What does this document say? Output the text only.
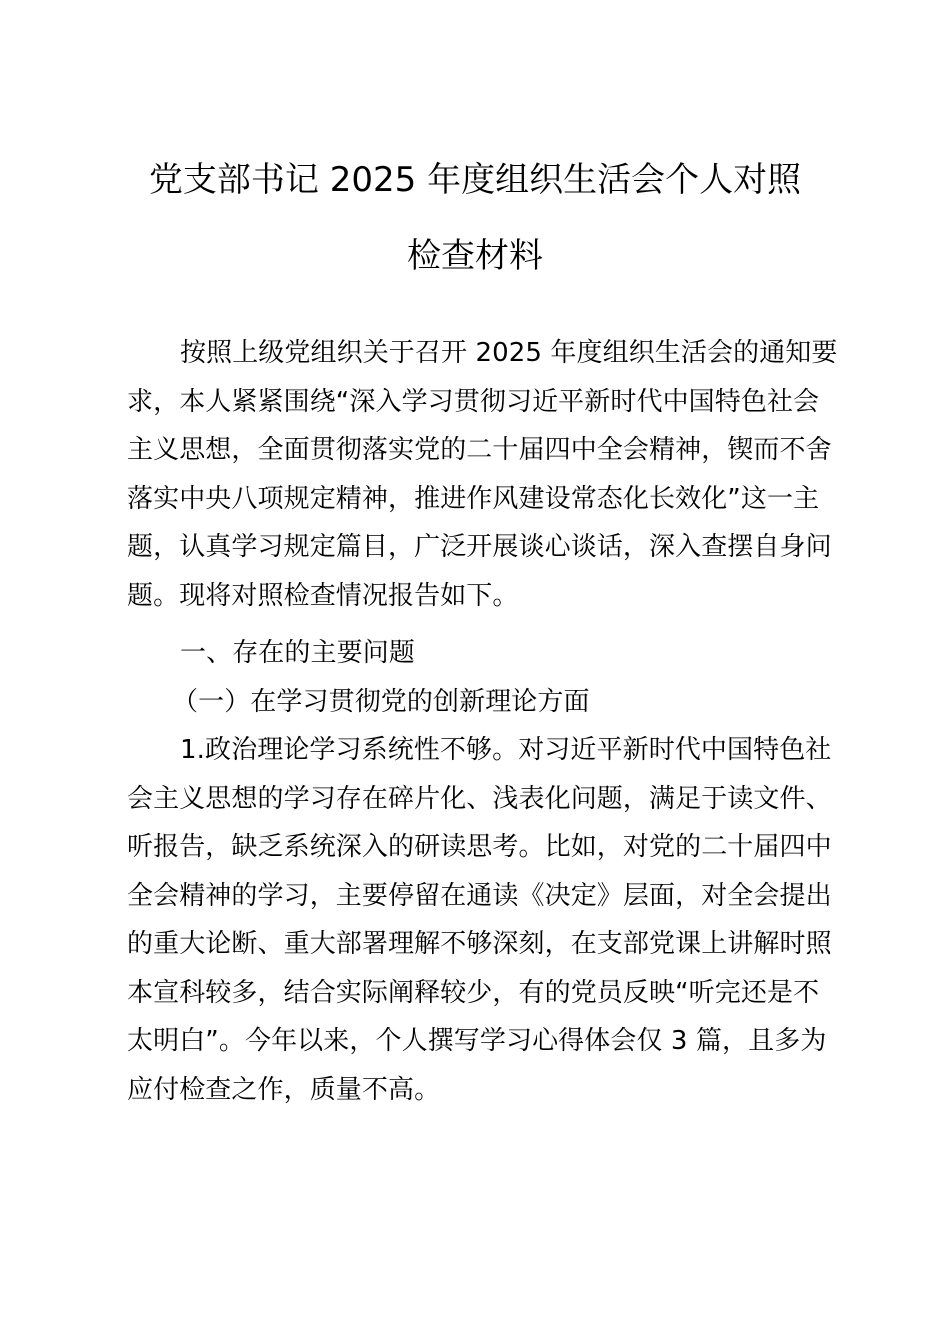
党支部书记 2025 年度组织生活会个人对照
检查材料
按照上级党组织关于召开 2025 年度组织生活会的通知要
求，本人紧紧围绕“深入学习贯彻习近平新时代中国特色社会
主义思想，全面贯彻落实党的二十届四中全会精神，锲而不舍
落实中央八项规定精神，推进作风建设常态化长效化”这一主
题，认真学习规定篇目，广泛开展谈心谈话，深入查摆自身问
题。现将对照检查情况报告如下。
一、存在的主要问题
（一）在学习贯彻党的创新理论方面
1.政治理论学习系统性不够。对习近平新时代中国特色社
会主义思想的学习存在碎片化、浅表化问题，满足于读文件、
听报告，缺乏系统深入的研读思考。比如，对党的二十届四中
全会精神的学习，主要停留在通读《决定》层面，对全会提出
的重大论断、重大部署理解不够深刻，在支部党课上讲解时照
本宣科较多，结合实际阐释较少，有的党员反映“听完还是不
太明白”。今年以来，个人撰写学习心得体会仅 3 篇，且多为
应付检查之作，质量不高。
